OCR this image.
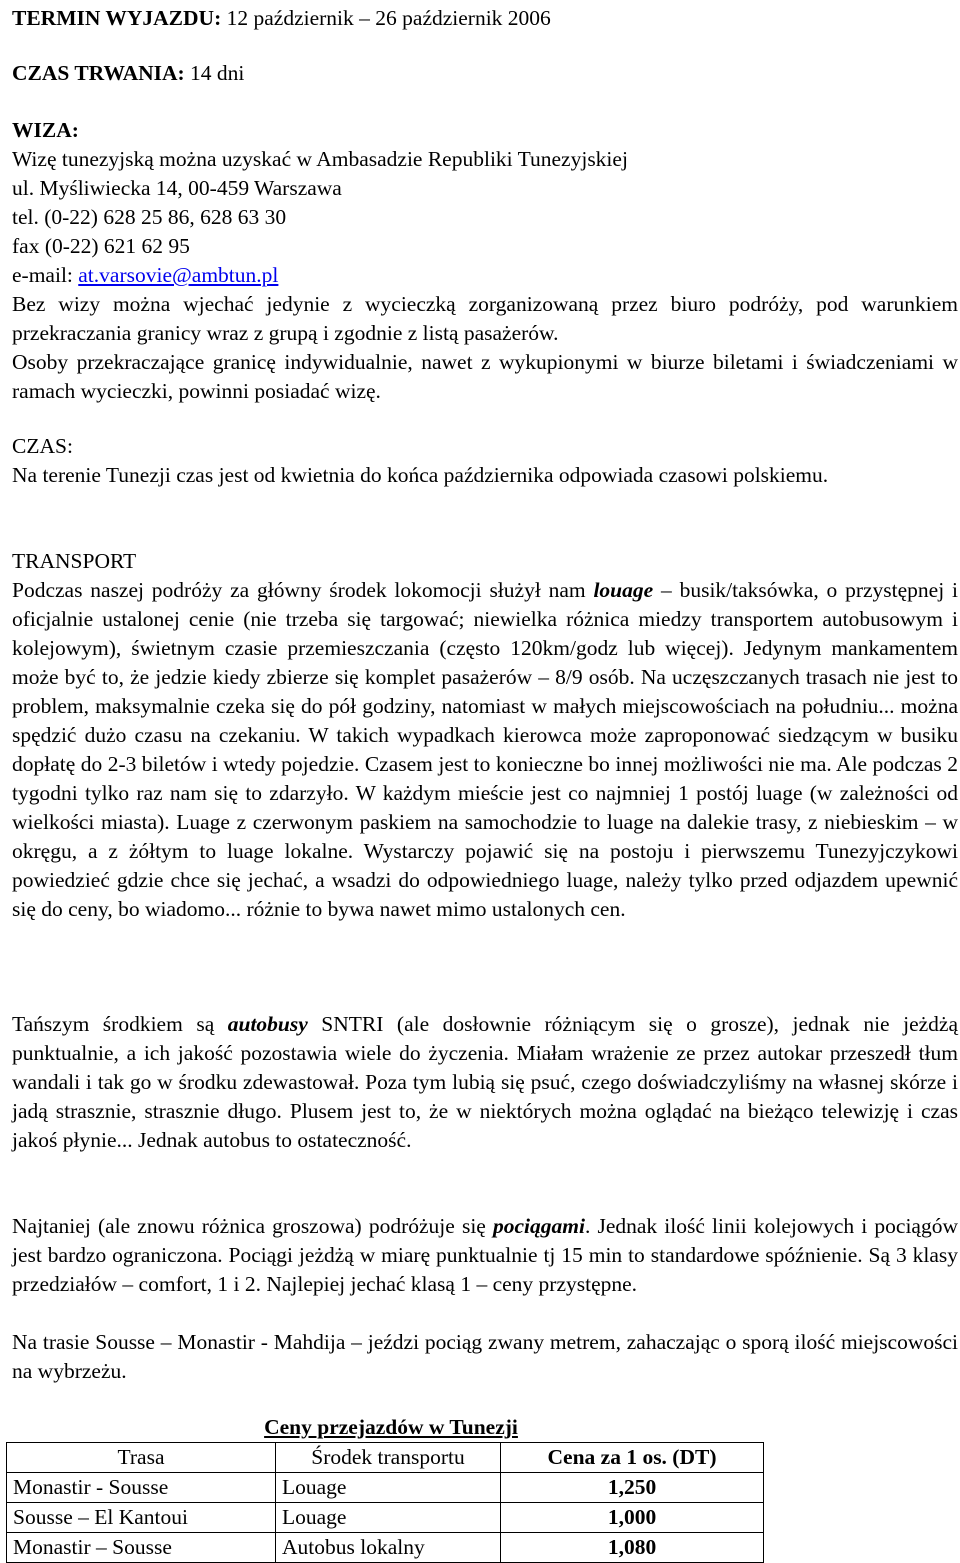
TERMIN WYJAZDU: 12 październik – 26 październik 2006

CZAS TRWANIA: 14 dni

WIZA:

Wizę tunezyjską można uzyskać w Ambasadzie Republiki Tunezyjskiej

ul. Myśliwiecka 14, 00-459 Warszawa

tel. (0-22) 628 25 86, 628 63 30

fax (0-22) 621 62 95

e-mail: at.varsovie@ambtun.pl

Bez wizy można wjechać jedynie z wycieczką zorganizowaną przez biuro podróży, pod warunkiem przekraczania granicy wraz z grupą i zgodnie z listą pasażerów.

Osoby przekraczające granicę indywidualnie, nawet z wykupionymi w biurze biletami i świadczeniami w ramach wycieczki, powinni posiadać wizę.

CZAS:

Na terenie Tunezji czas jest od kwietnia do końca października odpowiada czasowi polskiemu.

TRANSPORT

Podczas naszej podróży za główny środek lokomocji służył nam louage – busik/taksówka, o przystępnej i oficjalnie ustalonej cenie (nie trzeba się targować; niewielka różnica miedzy transportem autobusowym i kolejowym), świetnym czasie przemieszczania (często 120km/godz lub więcej). Jedynym mankamentem może być to, że jedzie kiedy zbierze się komplet pasażerów – 8/9 osób. Na uczęszczanych trasach nie jest to problem, maksymalnie czeka się do pół godziny, natomiast w małych miejscowościach na południu... można spędzić dużo czasu na czekaniu. W takich wypadkach kierowca może zaproponować siedzącym w busiku dopłatę do 2-3 biletów i wtedy pojedzie. Czasem jest to konieczne bo innej możliwości nie ma. Ale podczas 2 tygodni tylko raz nam się to zdarzyło. W każdym mieście jest co najmniej 1 postój luage (w zależności od wielkości miasta). Luage z czerwonym paskiem na samochodzie to luage na dalekie trasy, z niebieskim – w okręgu, a z żółtym to luage lokalne. Wystarczy pojawić się na postoju i pierwszemu Tunezyjczykowi powiedzieć gdzie chce się jechać, a wsadzi do odpowiedniego luage, należy tylko przed odjazdem upewnić się do ceny, bo wiadomo... różnie to bywa nawet mimo ustalonych cen.

Tańszym środkiem są autobusy SNTRI (ale dosłownie różniącym się o grosze), jednak nie jeżdżą punktualnie, a ich jakość pozostawia wiele do życzenia. Miałam wrażenie ze przez autokar przeszedł tłum wandali i tak go w środku zdewastował. Poza tym lubią się psuć, czego doświadczyliśmy na własnej skórze i jadą strasznie, strasznie długo. Plusem jest to, że w niektórych można oglądać na bieżąco telewizję i czas jakoś płynie... Jednak autobus to ostateczność.

Najtaniej (ale znowu różnica groszowa) podróżuje się pociągami. Jednak ilość linii kolejowych i pociągów jest bardzo ograniczona. Pociągi jeżdżą w miarę punktualnie tj 15 min to standardowe spóźnienie. Są 3 klasy przedziałów – comfort, 1 i 2. Najlepiej jechać klasą 1 – ceny przystępne.

Na trasie Sousse – Monastir - Mahdija – jeździ pociąg zwany metrem, zahaczając o sporą ilość miejscowości na wybrzeżu.

Ceny przejazdów w Tunezji

Trasa	Środek transportu	Cena za 1 os. (DT)
Monastir - Sousse	Louage	1,250
Sousse – El Kantoui	Louage	1,000
Monastir – Sousse	Autobus lokalny	1,080
